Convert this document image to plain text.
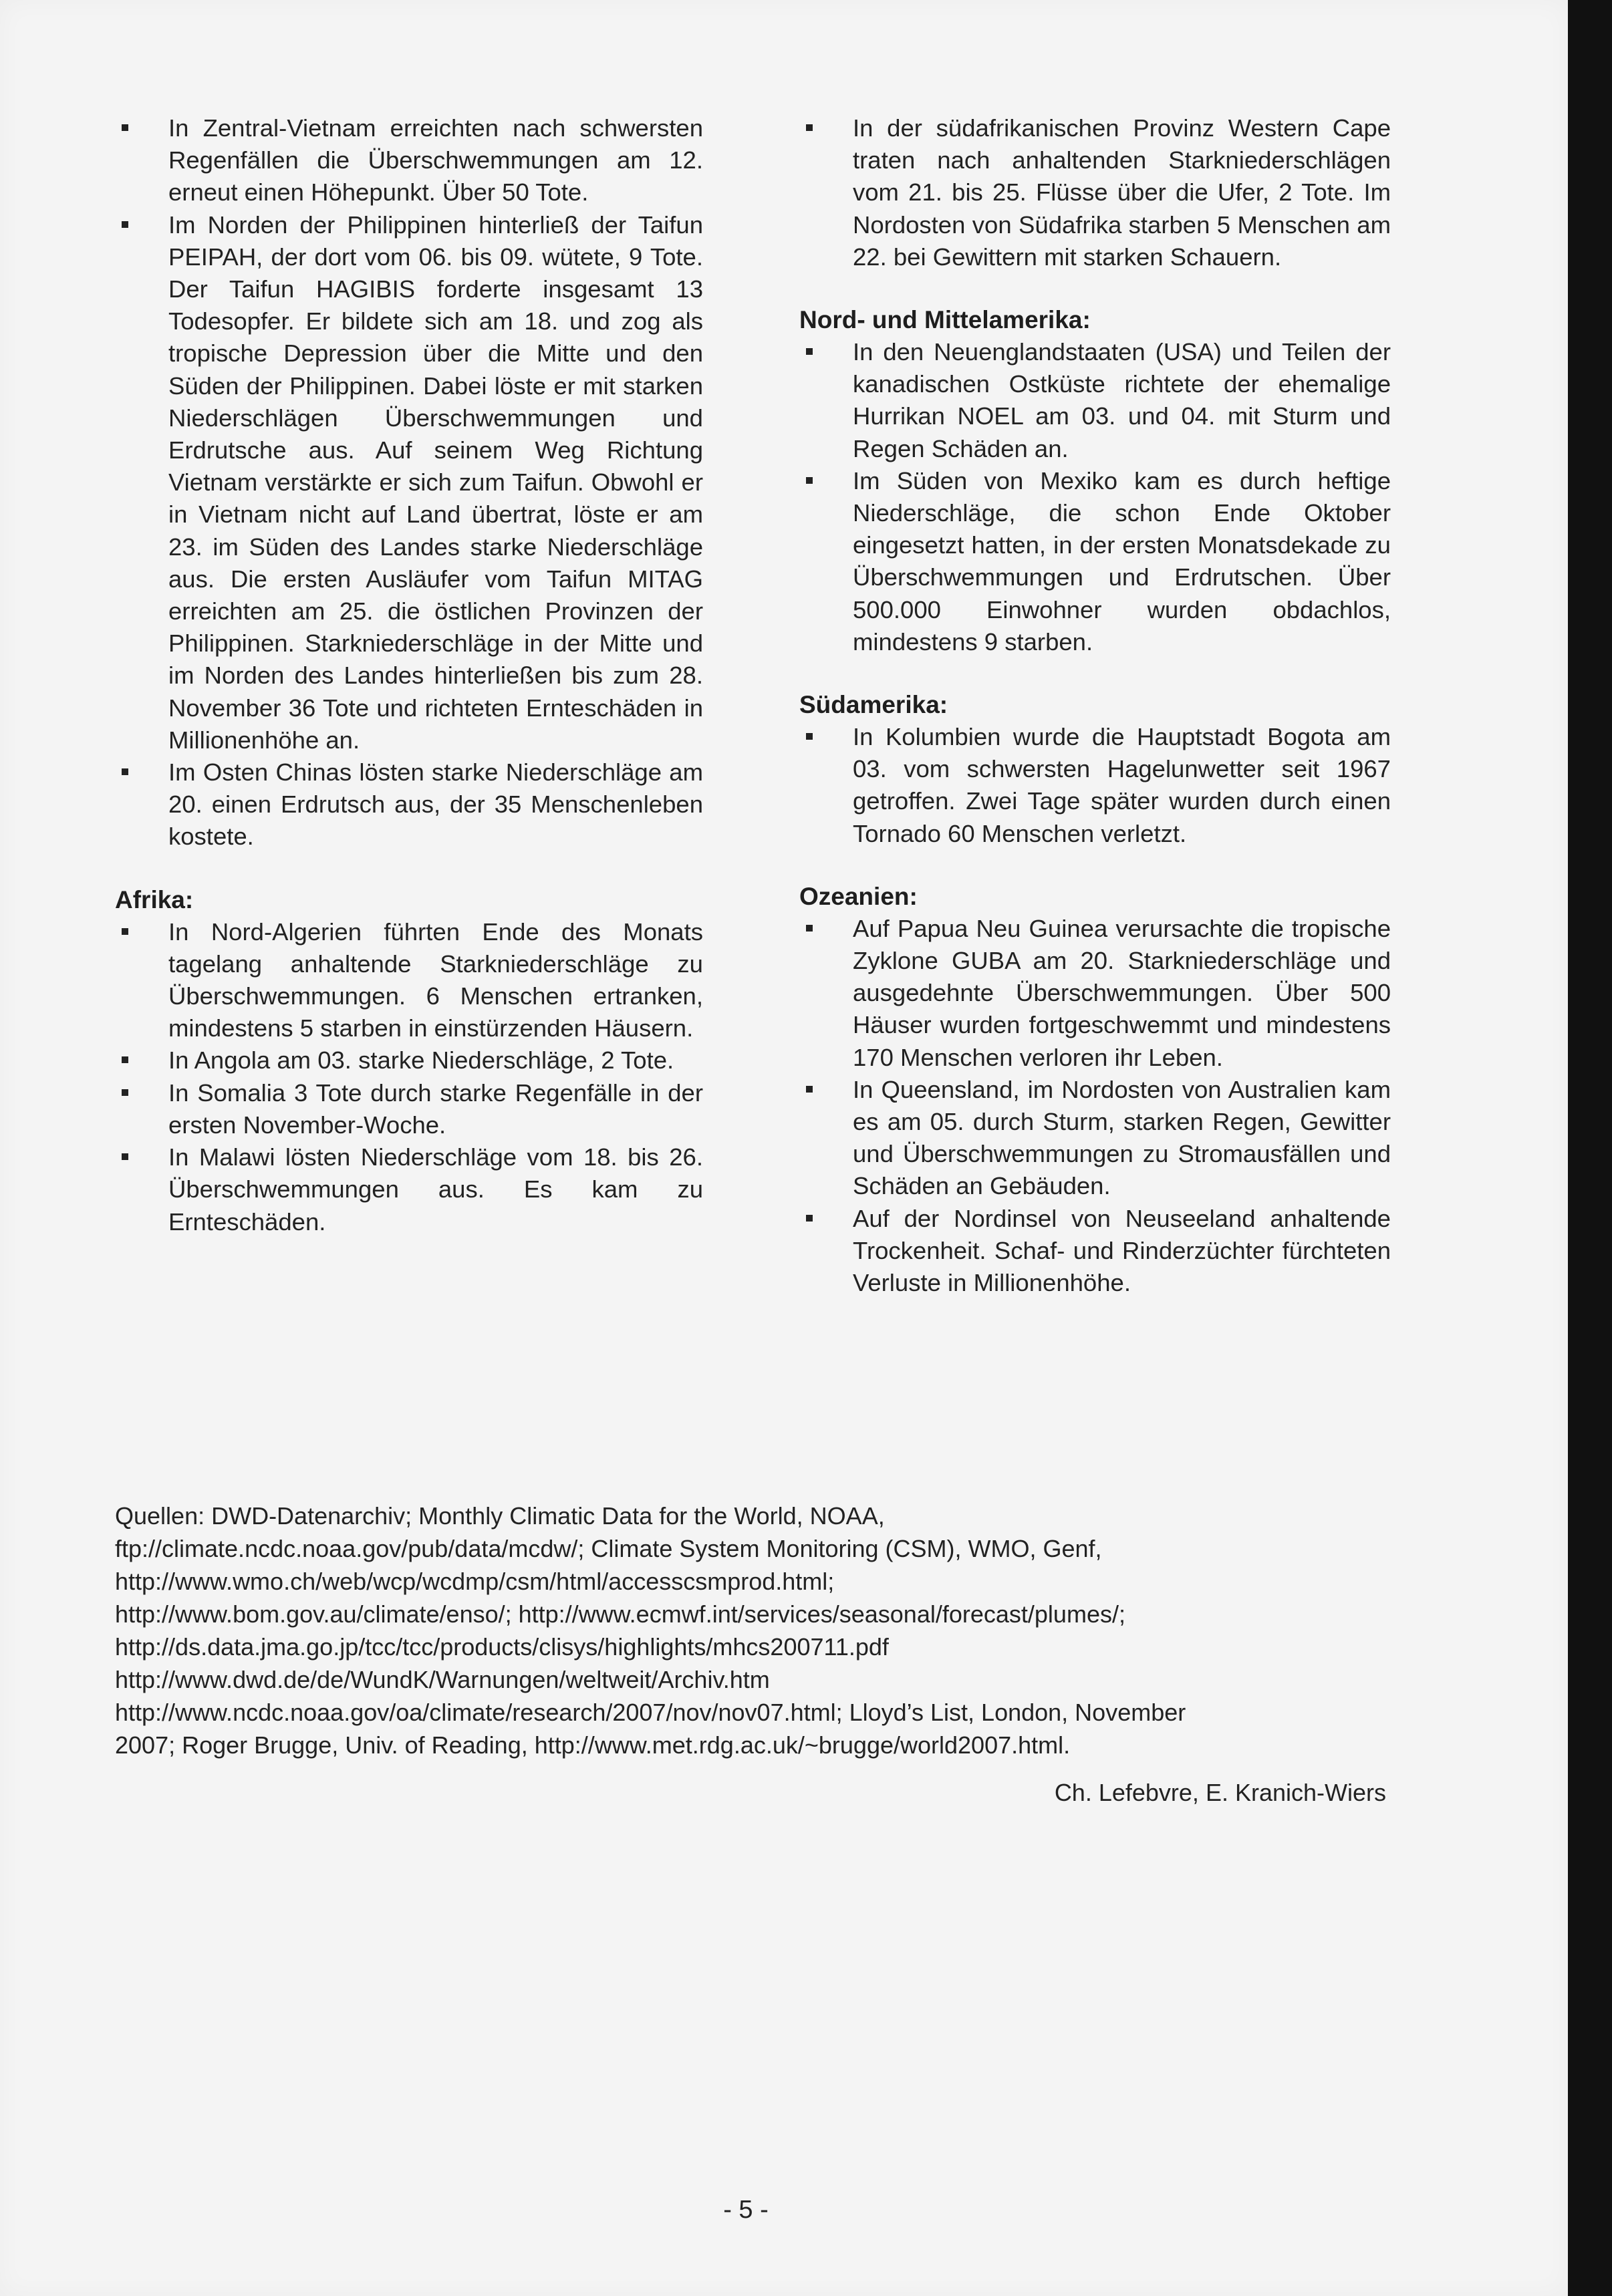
In Zentral-Vietnam erreichten nach schwersten Regenfällen die Überschwemmungen am 12. erneut einen Höhepunkt. Über 50 Tote.
Im Norden der Philippinen hinterließ der Taifun PEIPAH, der dort vom 06. bis 09. wütete, 9 Tote. Der Taifun HAGIBIS forderte insgesamt 13 Todesopfer. Er bildete sich am 18. und zog als tropische Depression über die Mitte und den Süden der Philippinen. Dabei löste er mit starken Niederschlägen Überschwemmungen und Erdrutsche aus. Auf seinem Weg Richtung Vietnam verstärkte er sich zum Taifun. Obwohl er in Vietnam nicht auf Land übertrat, löste er am 23. im Süden des Landes starke Niederschläge aus. Die ersten Ausläufer vom Taifun MITAG erreichten am 25. die östlichen Provinzen der Philippinen. Starkniederschläge in der Mitte und im Norden des Landes hinterließen bis zum 28. November 36 Tote und richteten Ernteschäden in Millionenhöhe an.
Im Osten Chinas lösten starke Niederschläge am 20. einen Erdrutsch aus, der 35 Menschenleben kostete.
Afrika:
In Nord-Algerien führten Ende des Monats tagelang anhaltende Starkniederschläge zu Überschwemmungen. 6 Menschen ertranken, mindestens 5 starben in einstürzenden Häusern.
In Angola am 03. starke Niederschläge, 2 Tote.
In Somalia 3 Tote durch starke Regenfälle in der ersten November-Woche.
In Malawi lösten Niederschläge vom 18. bis 26. Überschwemmungen aus. Es kam zu Ernteschäden.
In der südafrikanischen Provinz Western Cape traten nach anhaltenden Starkniederschlägen vom 21. bis 25. Flüsse über die Ufer, 2 Tote. Im Nordosten von Südafrika starben 5 Menschen am 22. bei Gewittern mit starken Schauern.
Nord- und Mittelamerika:
In den Neuenglandstaaten (USA) und Teilen der kanadischen Ostküste richtete der ehemalige Hurrikan NOEL am 03. und 04. mit Sturm und Regen Schäden an.
Im Süden von Mexiko kam es durch heftige Niederschläge, die schon Ende Oktober eingesetzt hatten, in der ersten Monatsdekade zu Überschwemmungen und Erdrutschen. Über 500.000 Einwohner wurden obdachlos, mindestens 9 starben.
Südamerika:
In Kolumbien wurde die Hauptstadt Bogota am 03. vom schwersten Hagelunwetter seit 1967 getroffen. Zwei Tage später wurden durch einen Tornado 60 Menschen verletzt.
Ozeanien:
Auf Papua Neu Guinea verursachte die tropische Zyklone GUBA am 20. Starkniederschläge und ausgedehnte Überschwemmungen. Über 500 Häuser wurden fortgeschwemmt und mindestens 170 Menschen verloren ihr Leben.
In Queensland, im Nordosten von Australien kam es am 05. durch Sturm, starken Regen, Gewitter und Überschwemmungen zu Stromausfällen und Schäden an Gebäuden.
Auf der Nordinsel von Neuseeland anhaltende Trockenheit. Schaf- und Rinderzüchter fürchteten Verluste in Millionenhöhe.
Quellen: DWD-Datenarchiv; Monthly Climatic Data for the World, NOAA,
ftp://climate.ncdc.noaa.gov/pub/data/mcdw/; Climate System Monitoring (CSM), WMO, Genf,
http://www.wmo.ch/web/wcp/wcdmp/csm/html/accesscsmprod.html;
http://www.bom.gov.au/climate/enso/; http://www.ecmwf.int/services/seasonal/forecast/plumes/;
http://ds.data.jma.go.jp/tcc/tcc/products/clisys/highlights/mhcs200711.pdf
http://www.dwd.de/de/WundK/Warnungen/weltweit/Archiv.htm
http://www.ncdc.noaa.gov/oa/climate/research/2007/nov/nov07.html; Lloyd’s List, London, November
2007; Roger Brugge, Univ. of Reading, http://www.met.rdg.ac.uk/~brugge/world2007.html.
Ch. Lefebvre, E. Kranich-Wiers
- 5 -
